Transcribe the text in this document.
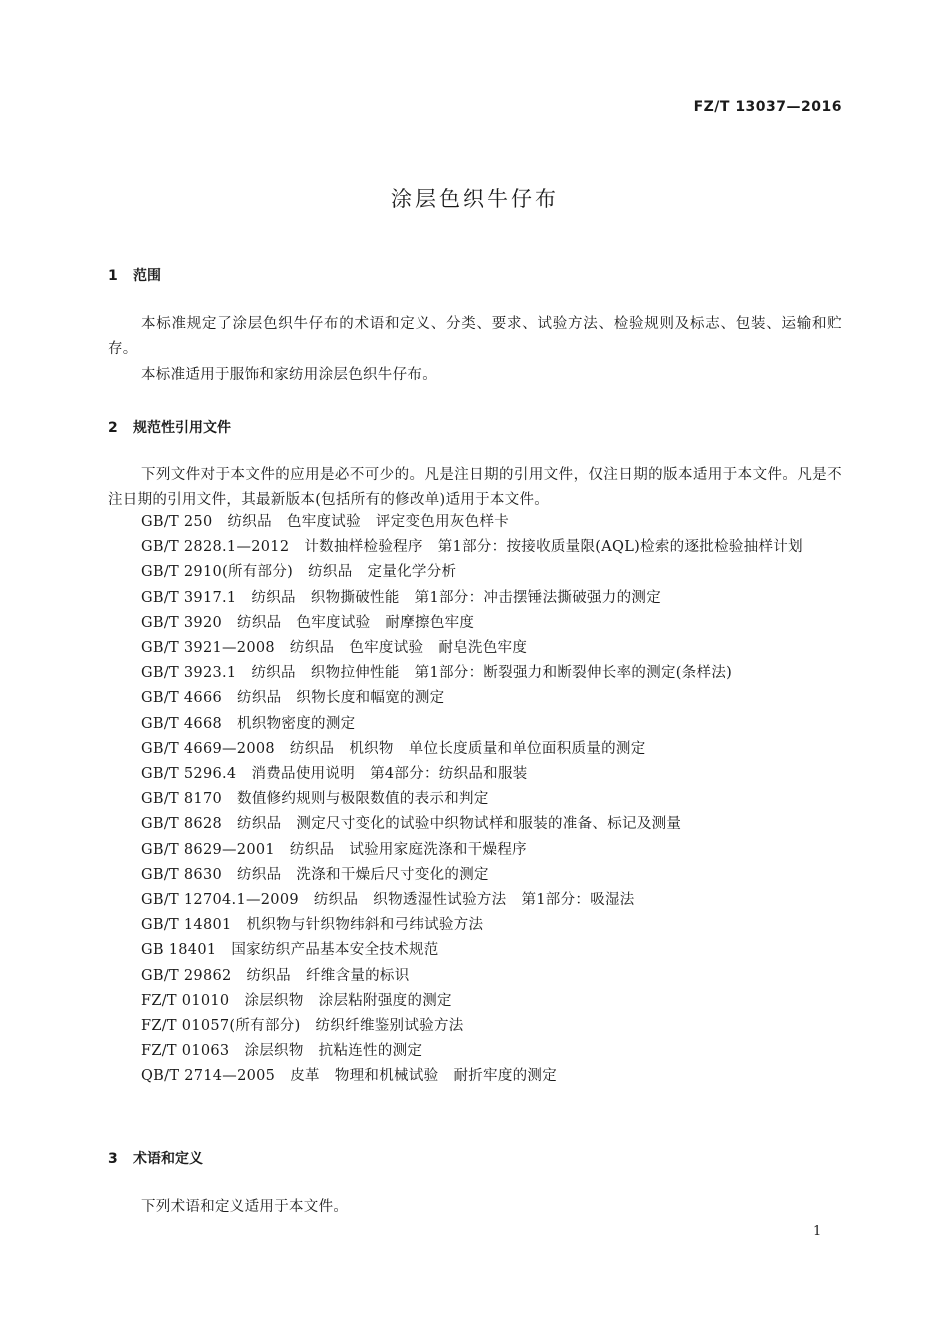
FZ/T 13037—2016
涂层色织牛仔布
1 范围

本标准规定了涂层色织牛仔布的术语和定义、分类、要求、试验方法、检验规则及标志、包装、运输和贮存。

本标准适用于服饰和家纺用涂层色织牛仔布。

2 规范性引用文件

下列文件对于本文件的应用是必不可少的。凡是注日期的引用文件，仅注日期的版本适用于本文件。凡是不注日期的引用文件，其最新版本(包括所有的修改单)适用于本文件。

GB/T 250 纺织品 色牢度试验 评定变色用灰色样卡
GB/T 2828.1—2012 计数抽样检验程序 第1部分：按接收质量限(AQL)检索的逐批检验抽样计划
GB/T 2910(所有部分) 纺织品 定量化学分析
GB/T 3917.1 纺织品 织物撕破性能 第1部分：冲击摆锤法撕破强力的测定
GB/T 3920 纺织品 色牢度试验 耐摩擦色牢度
GB/T 3921—2008 纺织品 色牢度试验 耐皂洗色牢度
GB/T 3923.1 纺织品 织物拉伸性能 第1部分：断裂强力和断裂伸长率的测定(条样法)
GB/T 4666 纺织品 织物长度和幅宽的测定
GB/T 4668 机织物密度的测定
GB/T 4669—2008 纺织品 机织物 单位长度质量和单位面积质量的测定
GB/T 5296.4 消费品使用说明 第4部分：纺织品和服装
GB/T 8170 数值修约规则与极限数值的表示和判定
GB/T 8628 纺织品 测定尺寸变化的试验中织物试样和服装的准备、标记及测量
GB/T 8629—2001 纺织品 试验用家庭洗涤和干燥程序
GB/T 8630 纺织品 洗涤和干燥后尺寸变化的测定
GB/T 12704.1—2009 纺织品 织物透湿性试验方法 第1部分：吸湿法
GB/T 14801 机织物与针织物纬斜和弓纬试验方法
GB 18401 国家纺织产品基本安全技术规范
GB/T 29862 纺织品 纤维含量的标识
FZ/T 01010 涂层织物 涂层粘附强度的测定
FZ/T 01057(所有部分) 纺织纤维鉴别试验方法
FZ/T 01063 涂层织物 抗粘连性的测定
QB/T 2714—2005 皮革 物理和机械试验 耐折牢度的测定
3 术语和定义

下列术语和定义适用于本文件。

1
